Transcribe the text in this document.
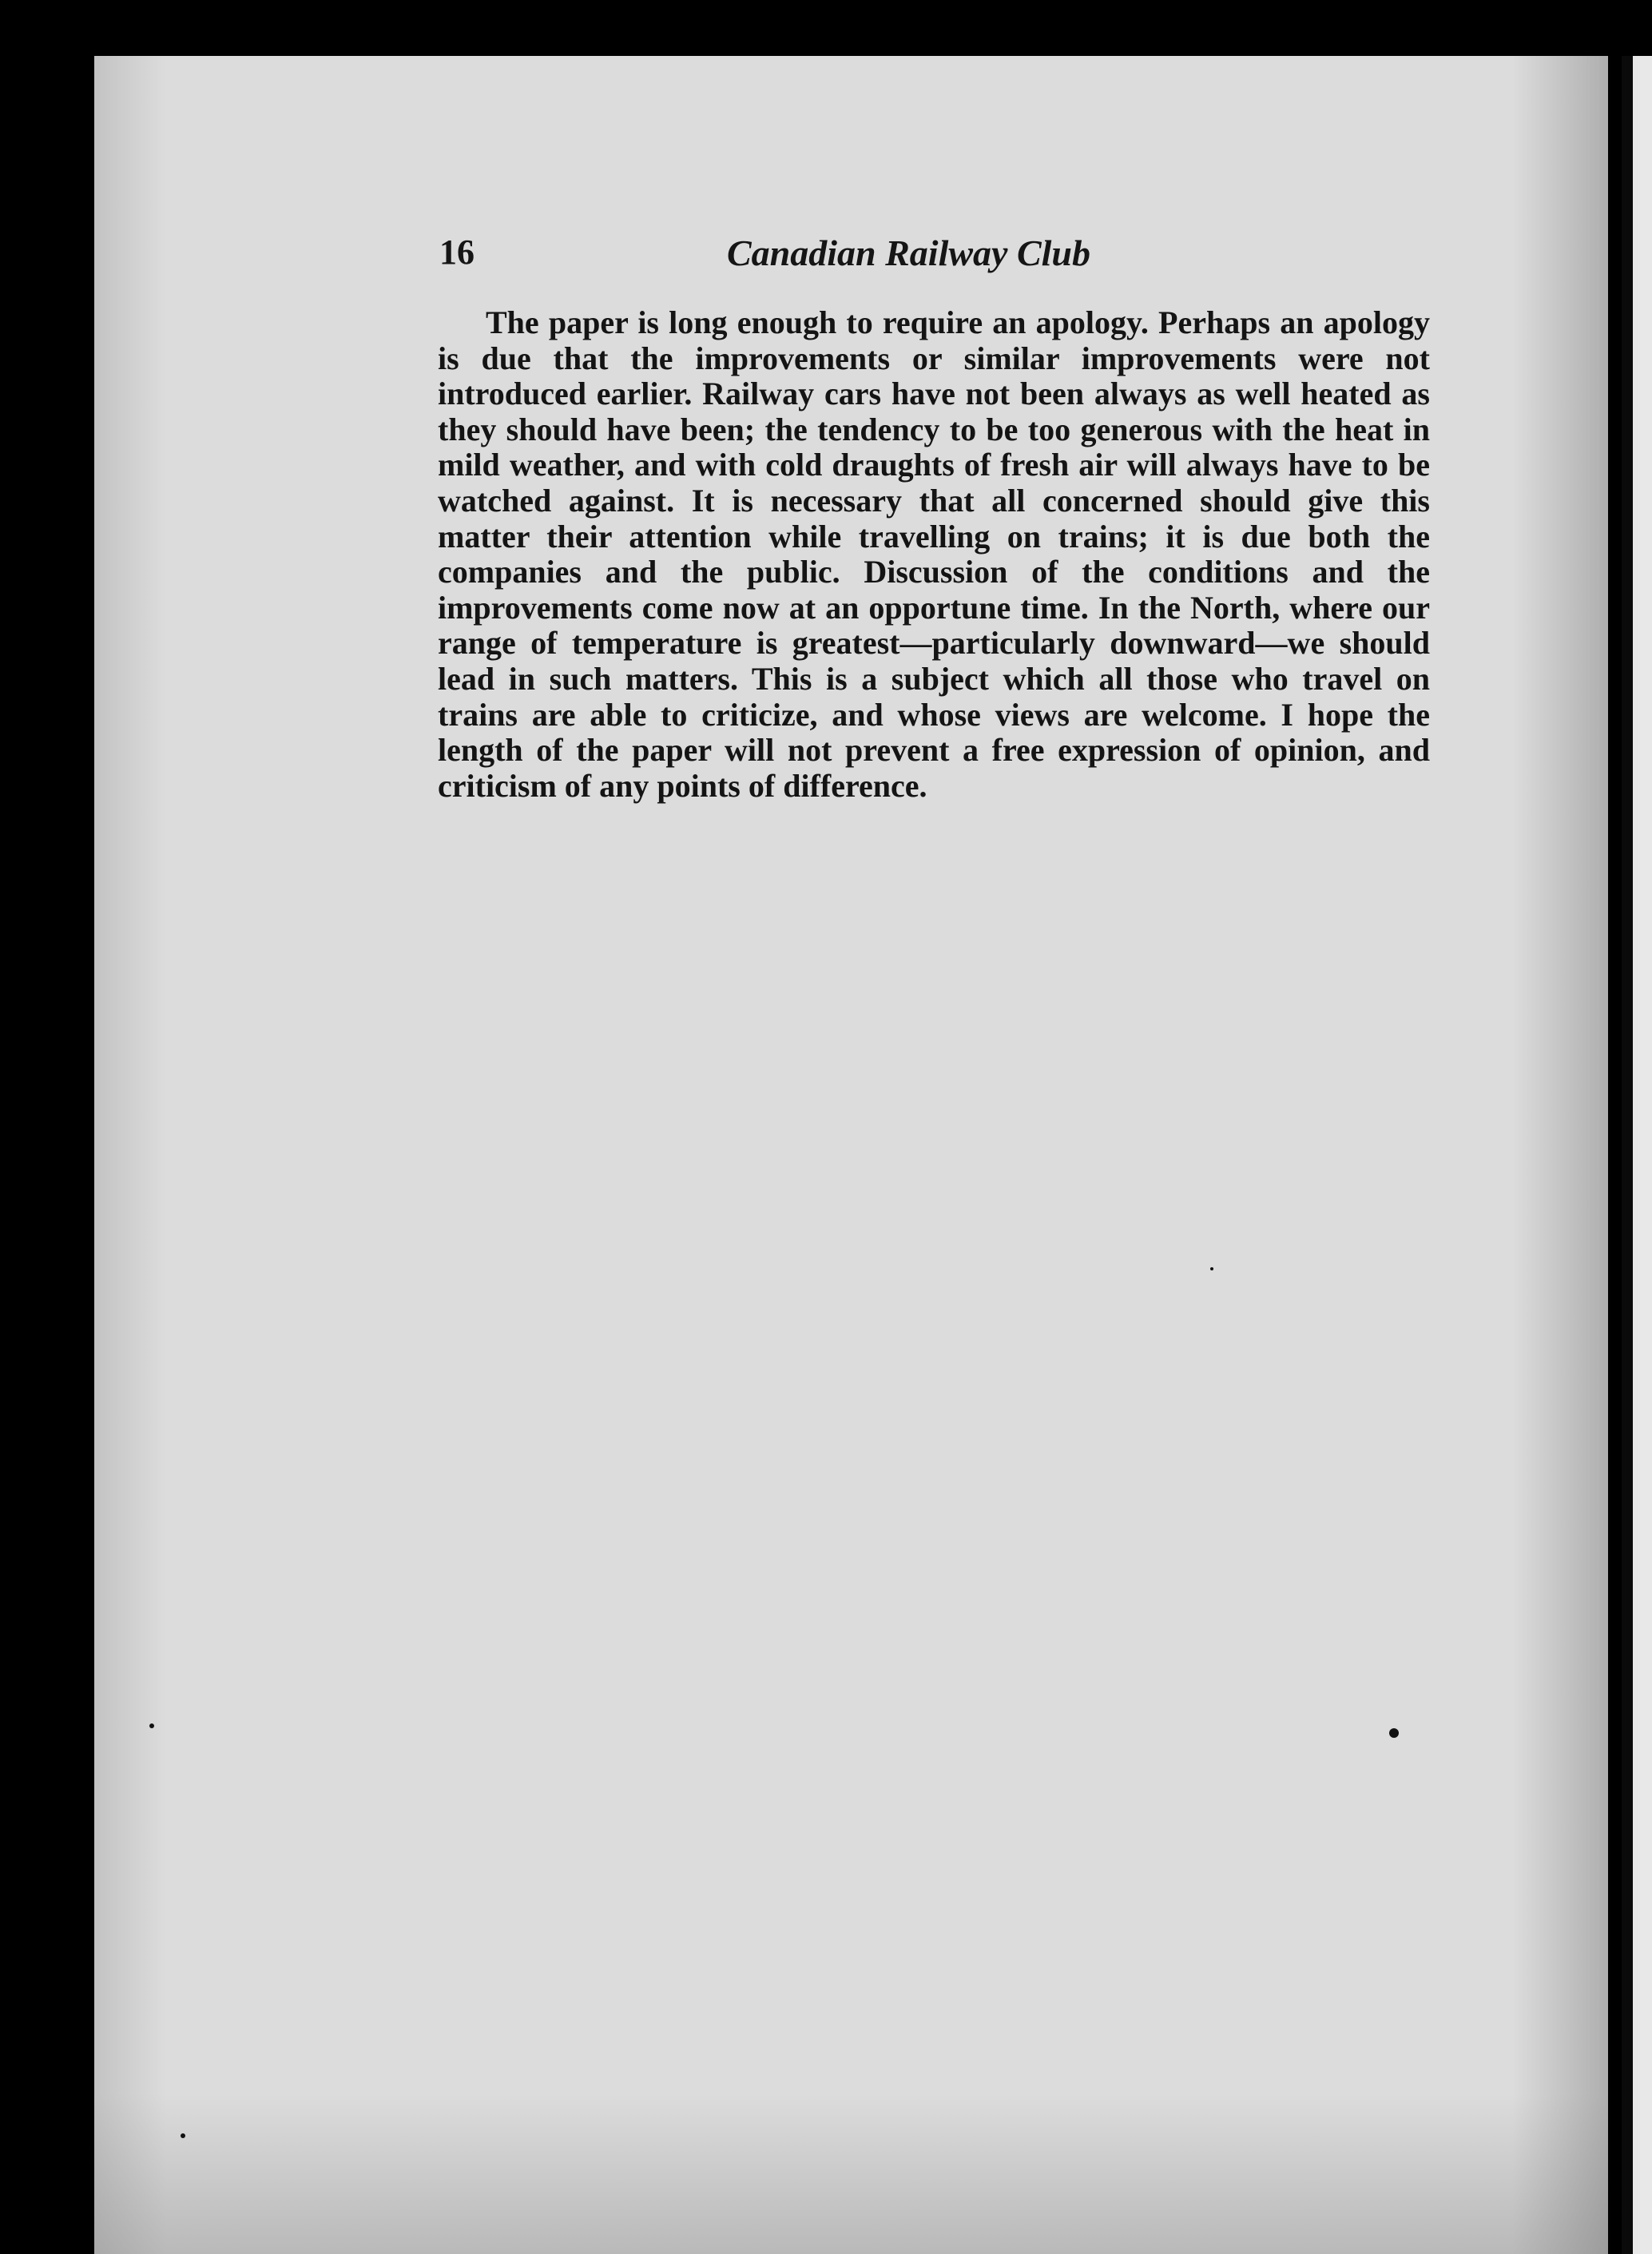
16	Canadian Railway Club

The paper is long enough to require an apology. Perhaps an apology is due that the improvements or similar improvements were not introduced earlier. Railway cars have not been always as well heated as they should have been; the tendency to be too generous with the heat in mild weather, and with cold draughts of fresh air will always have to be watched against. It is necessary that all concerned should give this matter their attention while travelling on trains; it is due both the companies and the public. Discussion of the conditions and the improvements come now at an opportune time. In the North, where our range of temperature is greatest—particularly downward—we should lead in such matters. This is a subject which all those who travel on trains are able to criticize, and whose views are welcome. I hope the length of the paper will not prevent a free expression of opinion, and criticism of any points of difference.
